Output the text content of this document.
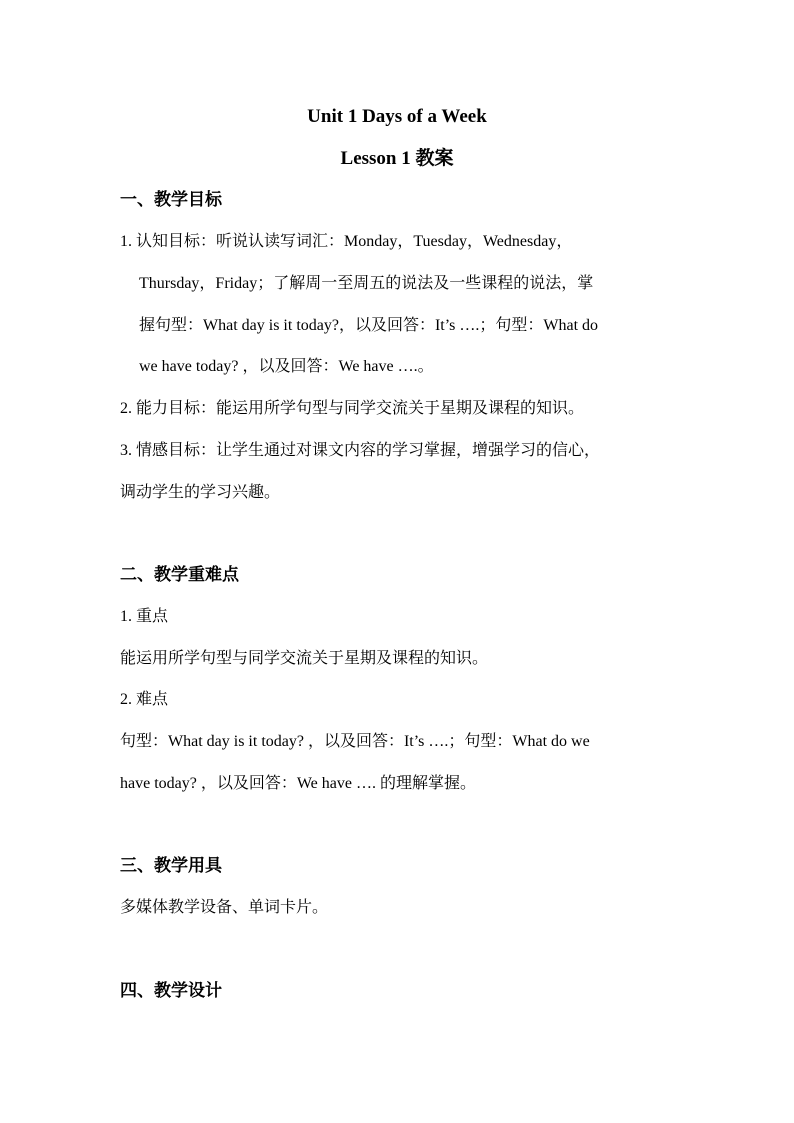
Unit 1 Days of a Week
Lesson 1 教案
一、教学目标
1. 认知目标：听说认读写词汇：Monday，Tuesday，Wednesday，
Thursday，Friday；了解周一至周五的说法及一些课程的说法，掌
握句型：What day is it today?，以及回答：It’s ….；句型：What do
we have today? ，以及回答：We have ….。
2. 能力目标：能运用所学句型与同学交流关于星期及课程的知识。
3. 情感目标：让学生通过对课文内容的学习掌握，增强学习的信心，
调动学生的学习兴趣。
二、教学重难点
1. 重点
能运用所学句型与同学交流关于星期及课程的知识。
2. 难点
句型：What day is it today? ，以及回答：It’s ….；句型：What do we
have today? ，以及回答：We have …. 的理解掌握。
三、教学用具
多媒体教学设备、单词卡片。
四、教学设计
